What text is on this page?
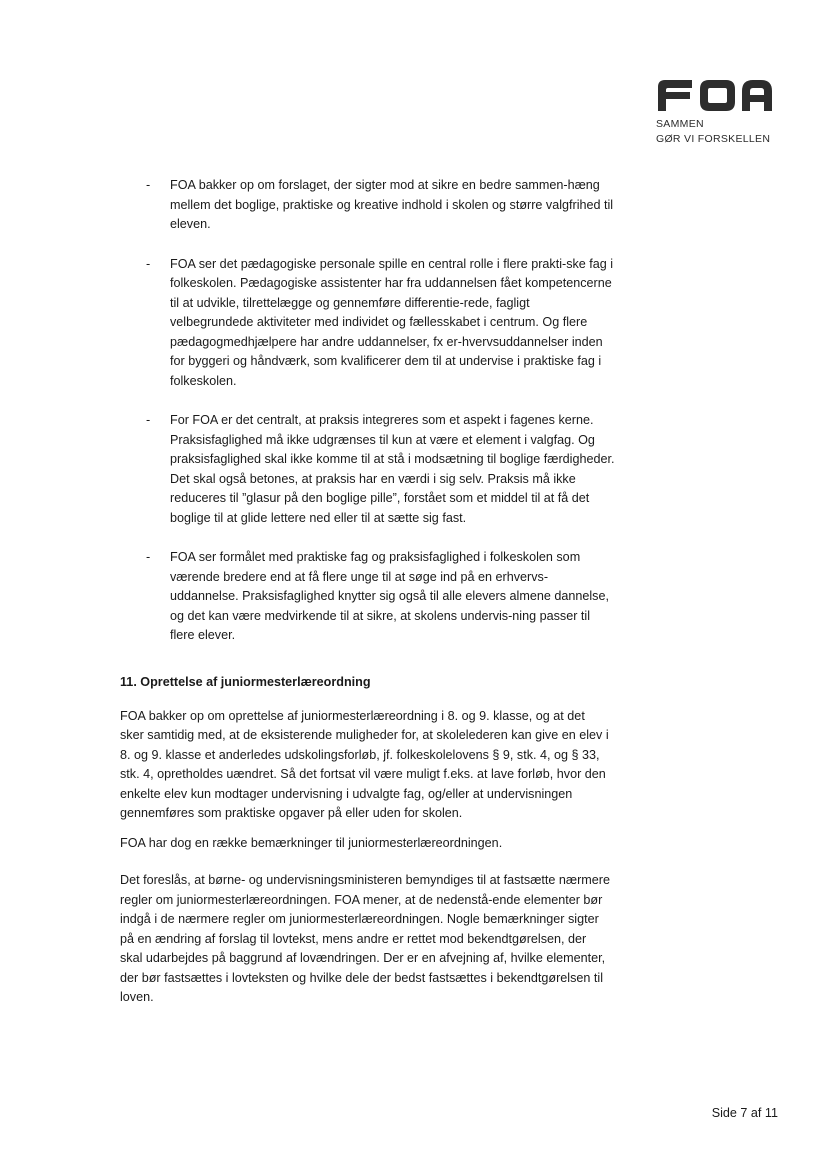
SAMMEN
GØR VI FORSKELLEN
- FOA bakker op om forslaget, der sigter mod at sikre en bedre sammen-hæng mellem det boglige, praktiske og kreative indhold i skolen og større valgfrihed til eleven.
- FOA ser det pædagogiske personale spille en central rolle i flere prakti-ske fag i folkeskolen. Pædagogiske assistenter har fra uddannelsen fået kompetencerne til at udvikle, tilrettelægge og gennemføre differentie-rede, fagligt velbegrundede aktiviteter med individet og fællesskabet i centrum. Og flere pædagogmedhjælpere har andre uddannelser, fx er-hvervsuddannelser inden for byggeri og håndværk, som kvalificerer dem til at undervise i praktiske fag i folkeskolen.
- For FOA er det centralt, at praksis integreres som et aspekt i fagenes kerne. Praksisfaglighed må ikke udgrænses til kun at være et element i valgfag. Og praksisfaglighed skal ikke komme til at stå i modsætning til boglige færdigheder. Det skal også betones, at praksis har en værdi i sig selv. Praksis må ikke reduceres til ”glasur på den boglige pille”, forstået som et middel til at få det boglige til at glide lettere ned eller til at sætte sig fast.
- FOA ser formålet med praktiske fag og praksisfaglighed i folkeskolen som værende bredere end at få flere unge til at søge ind på en erhvervs-uddannelse. Praksisfaglighed knytter sig også til alle elevers almene dannelse, og det kan være medvirkende til at sikre, at skolens undervis-ning passer til flere elever.
11. Oprettelse af juniormesterlæreordning

FOA bakker op om oprettelse af juniormesterlæreordning i 8. og 9. klasse, og at det sker samtidig med, at de eksisterende muligheder for, at skolelederen kan give en elev i 8. og 9. klasse et anderledes udskolingsforløb, jf. folkeskolelovens § 9, stk. 4, og § 33, stk. 4, opretholdes uændret. Så det fortsat vil være muligt f.eks. at lave forløb, hvor den enkelte elev kun modtager undervisning i udvalgte fag, og/eller at undervisningen gennemføres som praktiske opgaver på eller uden for skolen.

FOA har dog en række bemærkninger til juniormesterlæreordningen.

Det foreslås, at børne- og undervisningsministeren bemyndiges til at fastsætte nærmere regler om juniormesterlæreordningen. FOA mener, at de nedenstå-ende elementer bør indgå i de nærmere regler om juniormesterlæreordningen. Nogle bemærkninger sigter på en ændring af forslag til lovtekst, mens andre er rettet mod bekendtgørelsen, der skal udarbejdes på baggrund af lovændringen. Der er en afvejning af, hvilke elementer, der bør fastsættes i lovteksten og hvilke dele der bedst fastsættes i bekendtgørelsen til loven.

Side 7 af 11
